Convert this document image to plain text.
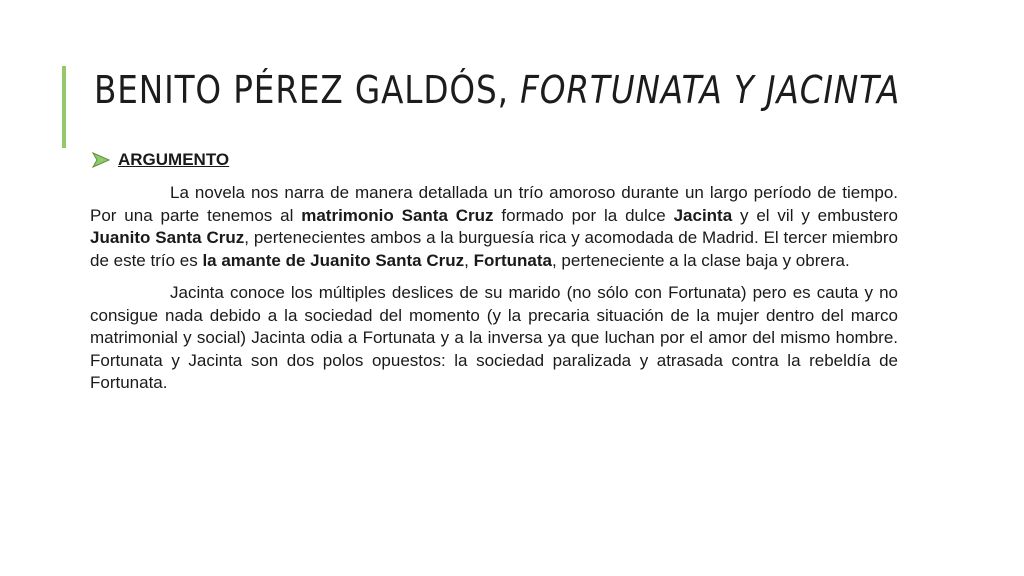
BENITO PÉREZ GALDÓS, FORTUNATA Y JACINTA
ARGUMENTO

La novela nos narra de manera detallada un trío amoroso durante un largo período de tiempo. Por una parte tenemos al matrimonio Santa Cruz formado por la dulce Jacinta y el vil y embustero Juanito Santa Cruz, pertenecientes ambos a la burguesía rica y acomodada de Madrid. El tercer miembro de este trío es la amante de Juanito Santa Cruz, Fortunata, perteneciente a la clase baja y obrera.

Jacinta conoce los múltiples deslices de su marido (no sólo con Fortunata) pero es cauta y no consigue nada debido a la sociedad del momento (y la precaria situación de la mujer dentro del marco matrimonial y social) Jacinta odia a Fortunata y a la inversa ya que luchan por el amor del mismo hombre. Fortunata y Jacinta son dos polos opuestos: la sociedad paralizada y atrasada contra la rebeldía de Fortunata.
